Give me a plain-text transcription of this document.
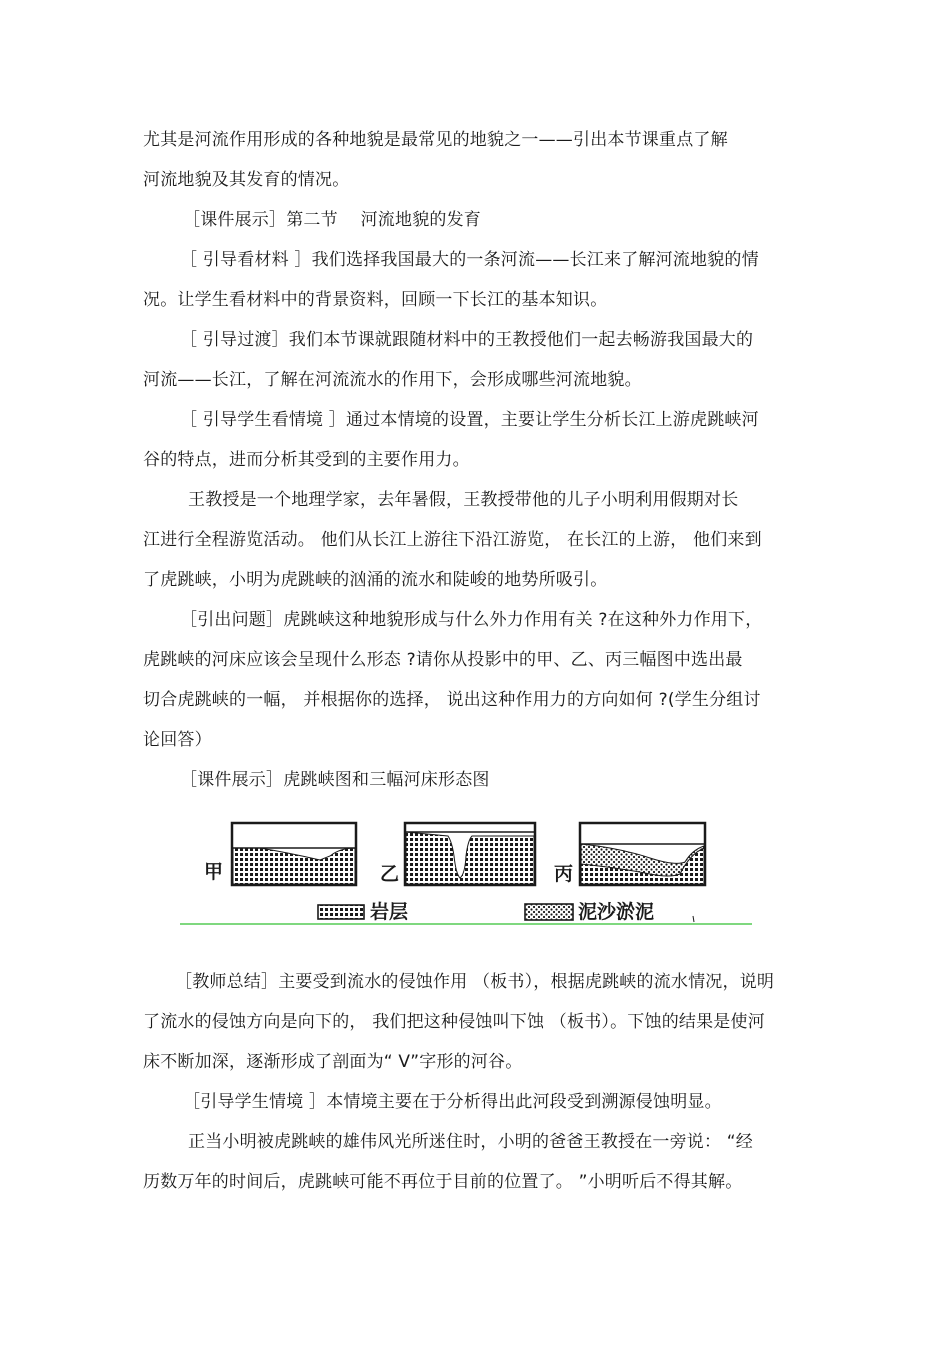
尤其是河流作用形成的各种地貌是最常见的地貌之一——引出本节课重点了解
河流地貌及其发育的情况。
［课件展示］第二节　 河流地貌的发育
［ 引导看材料 ］我们选择我国最大的一条河流——长江来了解河流地貌的情
况。让学生看材料中的背景资料，回顾一下长江的基本知识。
［ 引导过渡］我们本节课就跟随材料中的王教授他们一起去畅游我国最大的
河流——长江，了解在河流流水的作用下，会形成哪些河流地貌。
［ 引导学生看情境 ］通过本情境的设置，主要让学生分析长江上游虎跳峡河
谷的特点，进而分析其受到的主要作用力。
王教授是一个地理学家，去年暑假，王教授带他的儿子小明利用假期对长
江进行全程游览活动。 他们从长江上游往下沿江游览， 在长江的上游， 他们来到
了虎跳峡，小明为虎跳峡的汹涌的流水和陡峻的地势所吸引。
［引出问题］虎跳峡这种地貌形成与什么外力作用有关 ?在这种外力作用下，
虎跳峡的河床应该会呈现什么形态 ?请你从投影中的甲、乙、丙三幅图中选出最
切合虎跳峡的一幅， 并根据你的选择， 说出这种作用力的方向如何 ?(学生分组讨
论回答）
［课件展示］虎跳峡图和三幅河床形态图
甲	乙	丙
岩层	泥沙淤泥
［教师总结］主要受到流水的侵蚀作用 （板书），根据虎跳峡的流水情况，说明
了流水的侵蚀方向是向下的， 我们把这种侵蚀叫下蚀 （板书）。下蚀的结果是使河
床不断加深，逐渐形成了剖面为“ V”字形的河谷。
［引导学生情境 ］本情境主要在于分析得出此河段受到溯源侵蚀明显。
正当小明被虎跳峡的雄伟风光所迷住时，小明的爸爸王教授在一旁说： “经
历数万年的时间后，虎跳峡可能不再位于目前的位置了。 ”小明听后不得其解。
